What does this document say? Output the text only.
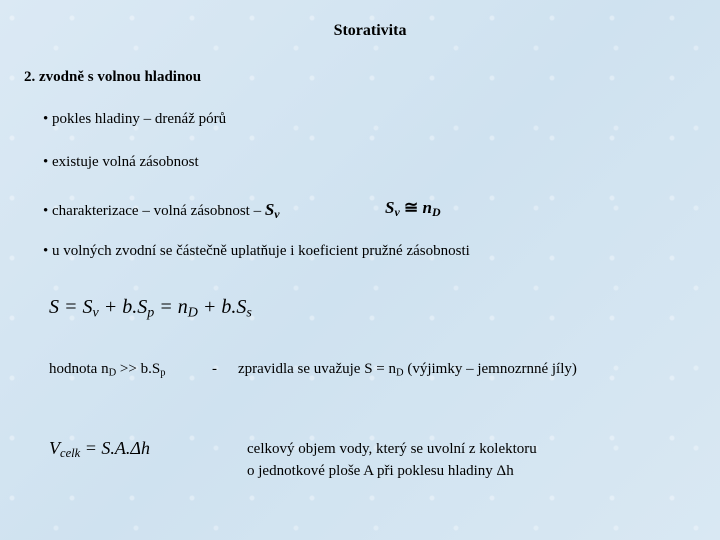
Storativita
2. zvodně s volnou hladinou
• pokles hladiny – drenáž pórů
• existuje volná zásobnost
• charakterizace – volná zásobnost – $S_v$	$S_v$ ≅ $n_D$
• u volných zvodní se částečně uplatňuje i koeficient pružné zásobnosti
$S = S_v + b.S_p = n_D + b.S_s$
hodnota $n_D >> b.S_p$	- zpravidla se uvažuje $S = n_D$ (výjimky – jemnozrnné jíly)
$V_{celk} = S.A.\Delta h$	celkový objem vody, který se uvolní z kolektoru
o jednotkové ploše A při poklesu hladiny Δh
